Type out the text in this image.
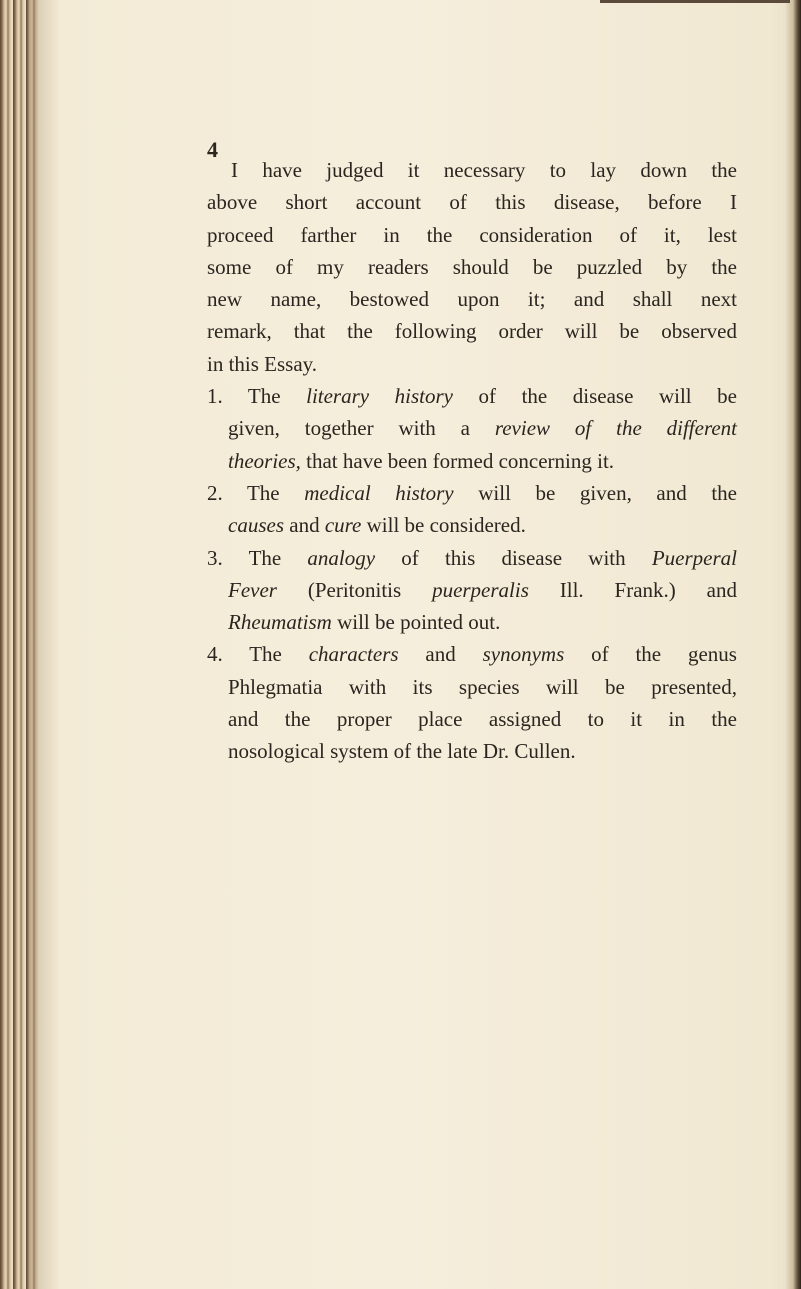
4
I have judged it necessary to lay down the
above short account of this disease, before I
proceed farther in the consideration of it, lest
some of my readers should be puzzled by the
new name, bestowed upon it; and shall next
remark, that the following order will be observed
in this Essay.
1. The literary history of the disease will be
given, together with a review of the different
theories, that have been formed concerning it.
2. The medical history will be given, and the
causes and cure will be considered.
3. The analogy of this disease with Puerperal
Fever (Peritonitis puerperalis Ill. Frank.) and
Rheumatism will be pointed out.
4. The characters and synonyms of the genus
Phlegmatia with its species will be presented,
and the proper place assigned to it in the
nosological system of the late Dr. Cullen.
